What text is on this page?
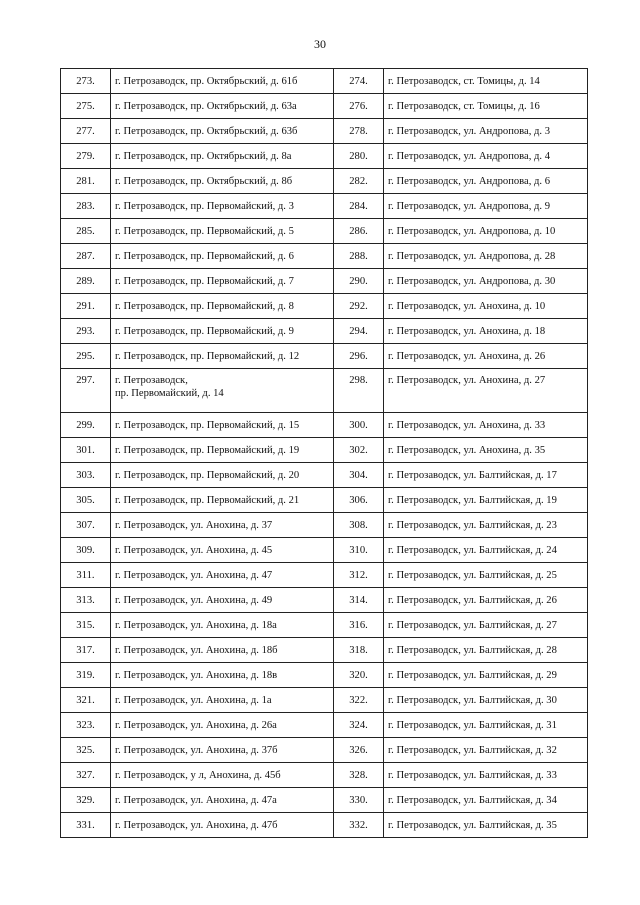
30
273.	г. Петрозаводск, пр. Октябрьский, д. 61б	274.	г. Петрозаводск, ст. Томицы, д. 14
275.	г. Петрозаводск, пр. Октябрьский, д. 63а	276.	г. Петрозаводск, ст. Томицы, д. 16
277.	г. Петрозаводск, пр. Октябрьский, д. 63б	278.	г. Петрозаводск, ул. Андропова, д. 3
279.	г. Петрозаводск, пр. Октябрьский, д. 8а	280.	г. Петрозаводск, ул. Андропова, д. 4
281.	г. Петрозаводск, пр. Октябрьский, д. 8б	282.	г. Петрозаводск, ул. Андропова, д. 6
283.	г. Петрозаводск, пр. Первомайский, д. 3	284.	г. Петрозаводск, ул. Андропова, д. 9
285.	г. Петрозаводск, пр. Первомайский, д. 5	286.	г. Петрозаводск, ул. Андропова, д. 10
287.	г. Петрозаводск, пр. Первомайский, д. 6	288.	г. Петрозаводск, ул. Андропова, д. 28
289.	г. Петрозаводск, пр. Первомайский, д. 7	290.	г. Петрозаводск, ул. Андропова, д. 30
291.	г. Петрозаводск, пр. Первомайский, д. 8	292.	г. Петрозаводск, ул. Анохина, д. 10
293.	г. Петрозаводск, пр. Первомайский, д. 9	294.	г. Петрозаводск, ул. Анохина, д. 18
295.	г. Петрозаводск, пр. Первомайский, д. 12	296.	г. Петрозаводск, ул. Анохина, д. 26
297.	г. Петрозаводск,
пр. Первомайский, д. 14	298.	г. Петрозаводск, ул. Анохина, д. 27
299.	г. Петрозаводск, пр. Первомайский, д. 15	300.	г. Петрозаводск, ул. Анохина, д. 33
301.	г. Петрозаводск, пр. Первомайский, д. 19	302.	г. Петрозаводск, ул. Анохина, д. 35
303.	г. Петрозаводск, пр. Первомайский, д. 20	304.	г. Петрозаводск, ул. Балтийская, д. 17
305.	г. Петрозаводск, пр. Первомайский, д. 21	306.	г. Петрозаводск, ул. Балтийская, д. 19
307.	г. Петрозаводск, ул. Анохина, д. 37	308.	г. Петрозаводск, ул. Балтийская, д. 23
309.	г. Петрозаводск, ул. Анохина, д. 45	310.	г. Петрозаводск, ул. Балтийская, д. 24
311.	г. Петрозаводск, ул. Анохина, д. 47	312.	г. Петрозаводск, ул. Балтийская, д. 25
313.	г. Петрозаводск, ул. Анохина, д. 49	314.	г. Петрозаводск, ул. Балтийская, д. 26
315.	г. Петрозаводск, ул. Анохина, д. 18а	316.	г. Петрозаводск, ул. Балтийская, д. 27
317.	г. Петрозаводск, ул. Анохина, д. 18б	318.	г. Петрозаводск, ул. Балтийская, д. 28
319.	г. Петрозаводск, ул. Анохина, д. 18в	320.	г. Петрозаводск, ул. Балтийская, д. 29
321.	г. Петрозаводск, ул. Анохина, д. 1а	322.	г. Петрозаводск, ул. Балтийская, д. 30
323.	г. Петрозаводск, ул. Анохина, д. 26а	324.	г. Петрозаводск, ул. Балтийская, д. 31
325.	г. Петрозаводск, ул. Анохина, д. 37б	326.	г. Петрозаводск, ул. Балтийская, д. 32
327.	г. Петрозаводск, у л, Анохина, д. 45б	328.	г. Петрозаводск, ул. Балтийская, д. 33
329.	г. Петрозаводск, ул. Анохина, д. 47а	330.	г. Петрозаводск, ул. Балтийская, д. 34
331.	г. Петрозаводск, ул. Анохина, д. 47б	332.	г. Петрозаводск, ул. Балтийская, д. 35
